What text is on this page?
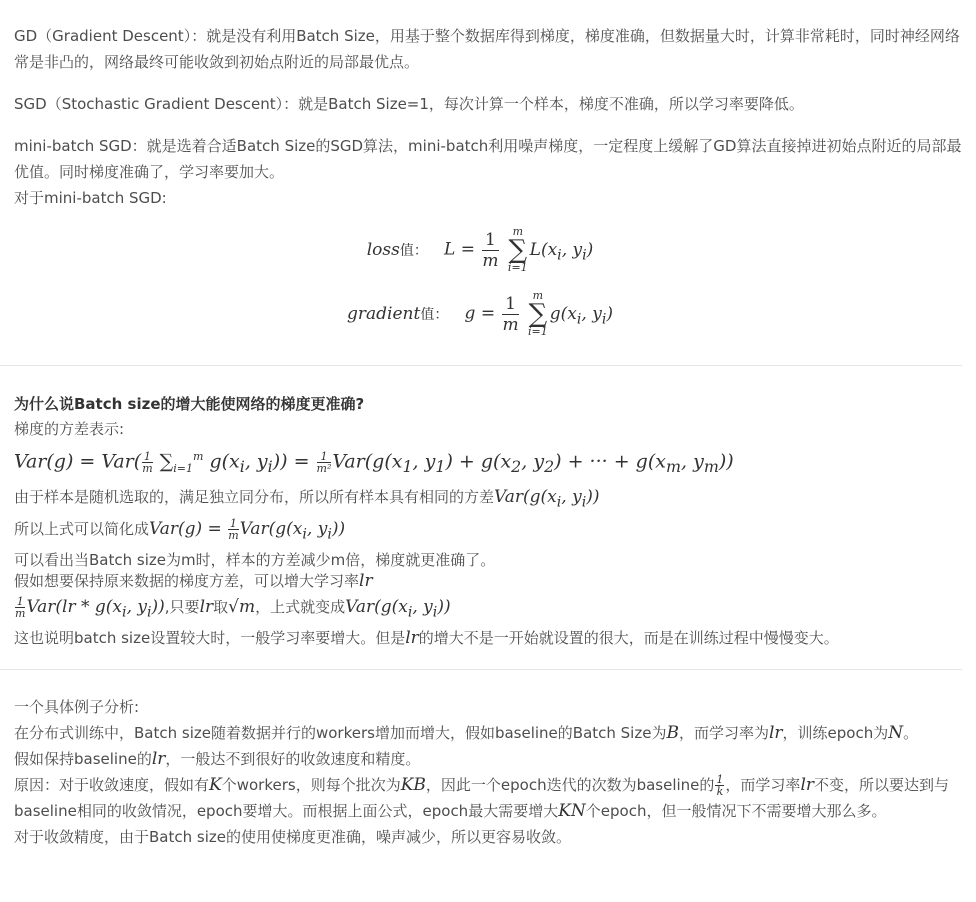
GD（Gradient Descent）：就是没有利用Batch Size，用基于整个数据库得到梯度，梯度准确，但数据量大时，计算非常耗时，同时神经网络常是非凸的，网络最终可能收敛到初始点附近的局部最优点。

SGD（Stochastic Gradient Descent）：就是Batch Size=1，每次计算一个样本，梯度不准确，所以学习率要降低。

mini-batch SGD：就是选着合适Batch Size的SGD算法，mini-batch利用噪声梯度，一定程度上缓解了GD算法直接掉进初始点附近的局部最优值。同时梯度准确了，学习率要加大。

对于mini-batch SGD:

loss值： $L = \frac{1}{m}$
	m
∑
i=1
$L(x_i$, $y_i$)
gradient值： $g = \frac{1}{m}$
	m
∑
i=1
$g(x_i$, $y_i$)

为什么说Batch size的增大能使网络的梯度更准确?

梯度的方差表示:

$Var(g) = Var( \frac{1}{m} \sum_{i=1}^m$ $g(x_i$, $y_i)) = \frac{1}{\text{m²}} Var(g(x_1$, $y_1) + g(x_2$, $y_2$) + ··· + $g(x_m$, $y_m$))

由于样本是随机选取的，满足独立同分布，所以所有样本具有相同的方差$Var(g(x_i$, $y_i$))

所以上式可以简化成$Var(g) = \frac{1}{m} Var(g(x_i$, $y_i$))

可以看出当Batch size为m时，样本的方差减少m倍，梯度就更准确了。

假如想要保持原来数据的梯度方差，可以增大学习率lr

$\frac{1}{m} Var(lr * g(x_i$, $y_i$)),只要lr取√m，上式就变成$Var(g(x_i$, $y_i$))

这也说明batch size设置较大时，一般学习率要增大。但是lr的增大不是一开始就设置的很大，而是在训练过程中慢慢变大。

一个具体例子分析:

在分布式训练中，Batch size随着数据并行的workers增加而增大，假如baseline的Batch Size为B，而学习率为lr，训练epoch为N。

假如保持baseline的lr，一般达不到很好的收敛速度和精度。

原因：对于收敛速度，假如有K个workers，则每个批次为KB，因此一个epoch迭代的次数为baseline的 $\frac{1}{k}$ ，而学习率lr不变，所以要达到与baseline相同的收敛情况，epoch要增大。而根据上面公式，epoch最大需要增大KN个epoch，但一般情况下不需要增大那么多。

对于收敛精度，由于Batch size的使用使梯度更准确，噪声减少，所以更容易收敛。
